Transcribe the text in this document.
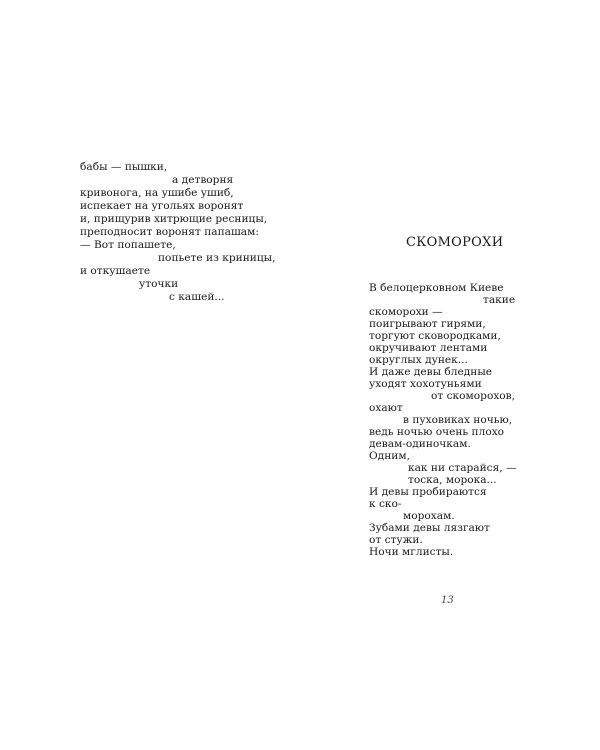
бабы — пышки,
а детворня
кривонога, на ушибе ушиб,
испекает на угольях воронят
и, прищурив хитрющие ресницы,
преподносит воронят папашам:
— Вот попашете,
попьете из криницы,
и откушаете
уточки
с кашей...
СКОМОРОХИ
В белоцерковном Киеве
такие
скоморохи —
поигрывают гирями,
торгуют сковородками,
окручивают лентами
округлых дунек...
И даже девы бледные
уходят хохотуньями
от скоморохов,
охают
в пуховиках ночью,
ведь ночью очень плохо
девам-одиночкам.
Одним,
как ни старайся, —
тоска, морока...
И девы пробираются
к ско-
морохам.
Зубами девы лязгают
от стужи.
Ночи мглисты.
13
